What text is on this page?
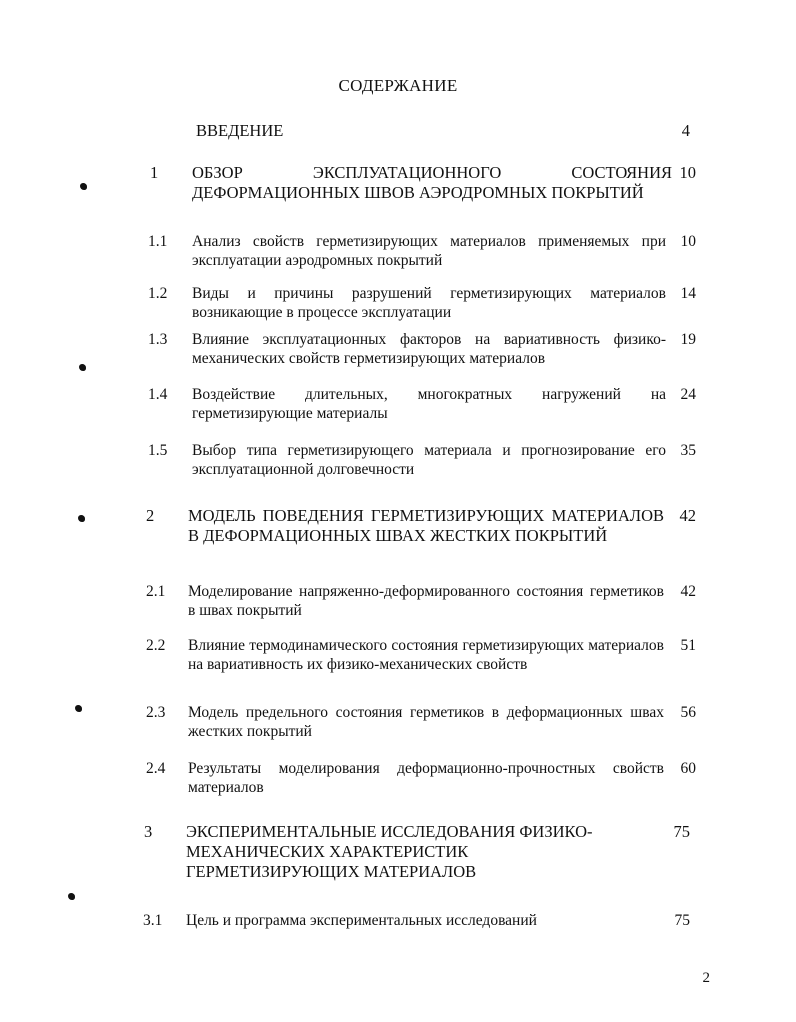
СОДЕРЖАНИЕ
ВВЕДЕНИЕ	4
1 ОБЗОР ЭКСПЛУАТАЦИОННОГО СОСТОЯНИЯ ДЕФОРМАЦИОННЫХ ШВОВ АЭРОДРОМНЫХ ПОКРЫТИЙ
10
1.1 Анализ свойств герметизирующих материалов применяемых при эксплуатации аэродромных покрытий
10
1.2 Виды и причины разрушений герметизирующих материалов возникающие в процессе эксплуатации
14
1.3 Влияние эксплуатационных факторов на вариативность физико-механических свойств герметизирующих материалов
19
1.4 Воздействие длительных, многократных нагружений на герметизирующие материалы
24
1.5 Выбор типа герметизирующего материала и прогнозирование его эксплуатационной долговечности
35
2 МОДЕЛЬ ПОВЕДЕНИЯ ГЕРМЕТИЗИРУЮЩИХ МАТЕРИАЛОВ В ДЕФОРМАЦИОННЫХ ШВАХ ЖЕСТКИХ ПОКРЫТИЙ
42
2.1 Моделирование напряженно-деформированного состояния герметиков в швах покрытий
42
2.2 Влияние термодинамического состояния герметизирующих материалов на вариативность их физико-механических свойств
51
2.3 Модель предельного состояния герметиков в деформационных швах жестких покрытий
56
2.4 Результаты моделирования деформационно-прочностных свойств материалов
60
3 ЭКСПЕРИМЕНТАЛЬНЫЕ ИССЛЕДОВАНИЯ ФИЗИКО-МЕХАНИЧЕСКИХ ХАРАКТЕРИСТИК ГЕРМЕТИЗИРУЮЩИХ МАТЕРИАЛОВ
75
3.1 Цель и программа экспериментальных исследований	75
2
